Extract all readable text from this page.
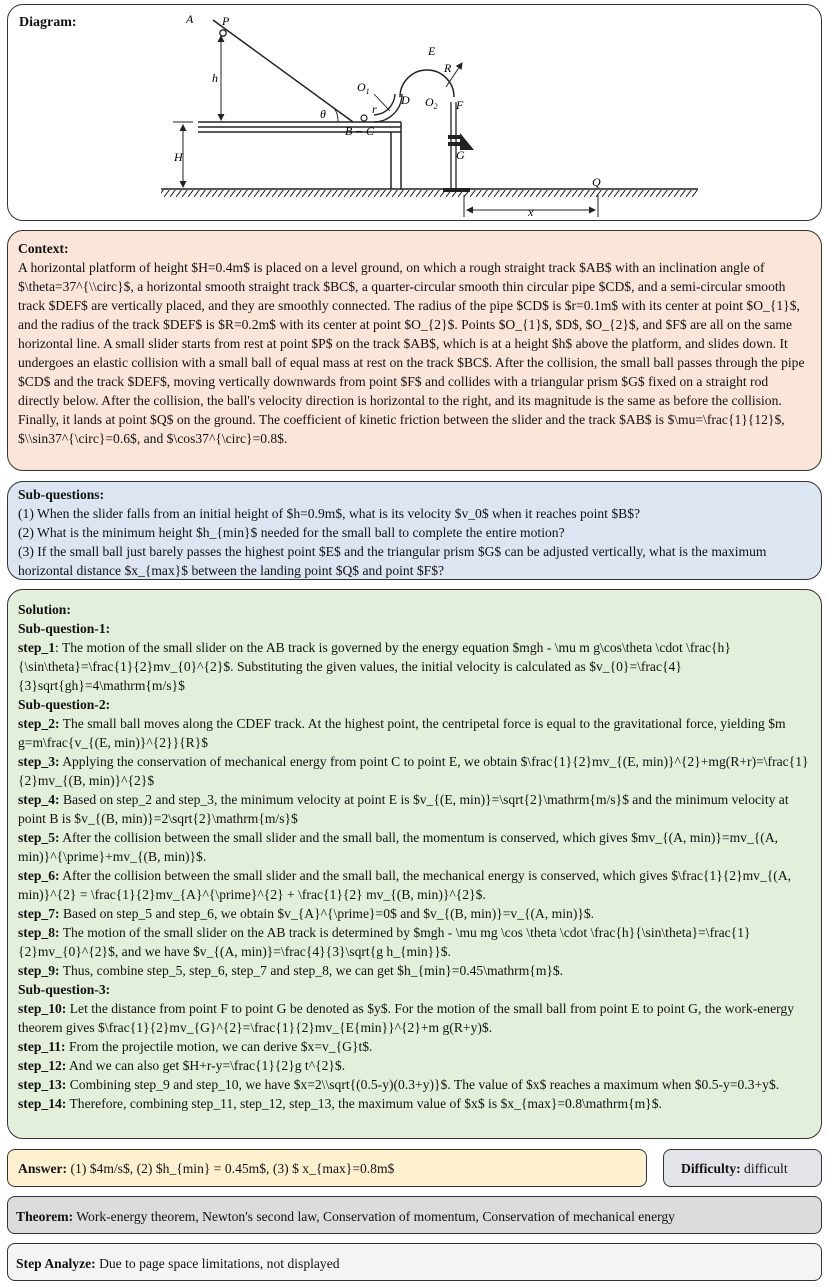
Diagram:	A P
h
H
θ
B – C
$O_1$
r
D
E
R
$O_2$ F
G
Q
x

Context:

A horizontal platform of height $H=0.4m$ is placed on a level ground, on which a rough straight track $AB$ with an inclination angle of $\theta=37^{\\circ}$, a horizontal smooth straight track $BC$, a quarter-circular smooth thin circular pipe $CD$, and a semi-circular smooth track $DEF$ are vertically placed, and they are smoothly connected. The radius of the pipe $CD$ is $r=0.1m$ with its center at point $O_{1}$, and the radius of the track $DEF$ is $R=0.2m$ with its center at point $O_{2}$. Points $O_{1}$, $D$, $O_{2}$, and $F$ are all on the same horizontal line. A small slider starts from rest at point $P$ on the track $AB$, which is at a height $h$ above the platform, and slides down. It undergoes an elastic collision with a small ball of equal mass at rest on the track $BC$. After the collision, the small ball passes through the pipe $CD$ and the track $DEF$, moving vertically downwards from point $F$ and collides with a triangular prism $G$ fixed on a straight rod directly below. After the collision, the ball's velocity direction is horizontal to the right, and its magnitude is the same as before the collision. Finally, it lands at point $Q$ on the ground. The coefficient of kinetic friction between the slider and the track $AB$ is $\mu=\frac{1}{12}$, $\\sin37^{\circ}=0.6$, and $\cos37^{\circ}=0.8$.

Sub-questions:

(1) When the slider falls from an initial height of $h=0.9m$, what is its velocity $v_0$ when it reaches point $B$?

(2) What is the minimum height $h_{min}$ needed for the small ball to complete the entire motion?

(3) If the small ball just barely passes the highest point $E$ and the triangular prism $G$ can be adjusted vertically, what is the maximum horizontal distance $x_{max}$ between the landing point $Q$ and point $F$?

Solution:

Sub-question-1:

step_1: The motion of the small slider on the AB track is governed by the energy equation $mgh - \mu m g\cos\theta \cdot \frac{h}{\sin\theta}=\frac{1}{2}mv_{0}^{2}$. Substituting the given values, the initial velocity is calculated as $v_{0}=\frac{4}{3}sqrt{gh}=4\mathrm{m/s}$

Sub-question-2:

step_2: The small ball moves along the CDEF track. At the highest point, the centripetal force is equal to the gravitational force, yielding $m g=m\frac{v_{(E, min)}^{2}}{R}$

step_3: Applying the conservation of mechanical energy from point C to point E, we obtain $\frac{1}{2}mv_{(E, min)}^{2}+mg(R+r)=\frac{1}{2}mv_{(B, min)}^{2}$

step_4: Based on step_2 and step_3, the minimum velocity at point E is $v_{(E, min)}=\sqrt{2}\mathrm{m/s}$ and the minimum velocity at point B is $v_{(B, min)}=2\sqrt{2}\mathrm{m/s}$

step_5: After the collision between the small slider and the small ball, the momentum is conserved, which gives $mv_{(A, min)}=mv_{(A, min)}^{\prime}+mv_{(B, min)}$.

step_6: After the collision between the small slider and the small ball, the mechanical energy is conserved, which gives $\frac{1}{2}mv_{(A, min)}^{2} = \frac{1}{2}mv_{A}^{\prime}^{2} + \frac{1}{2} mv_{(B, min)}^{2}$.

step_7: Based on step_5 and step_6, we obtain $v_{A}^{\prime}=0$ and $v_{(B, min)}=v_{(A, min)}$.

step_8: The motion of the small slider on the AB track is determined by $mgh - \mu mg \cos \theta \cdot \frac{h}{\sin\theta}=\frac{1}{2}mv_{0}^{2}$, and we have $v_{(A, min)}=\frac{4}{3}\sqrt{g h_{min}}$.

step_9: Thus, combine step_5, step_6, step_7 and step_8, we can get $h_{min}=0.45\mathrm{m}$.

Sub-question-3:

step_10: Let the distance from point F to point G be denoted as $y$. For the motion of the small ball from point E to point G, the work-energy theorem gives $\frac{1}{2}mv_{G}^{2}=\frac{1}{2}mv_{E{min}}^{2}+m g(R+y)$.

step_11: From the projectile motion, we can derive $x=v_{G}t$.

step_12: And we can also get $H+r-y=\frac{1}{2}g t^{2}$.

step_13: Combining step_9 and step_10, we have $x=2\\sqrt{(0.5-y)(0.3+y)}$. The value of $x$ reaches a maximum when $0.5-y=0.3+y$.

step_14: Therefore, combining step_11, step_12, step_13, the maximum value of $x$ is $x_{max}=0.8\mathrm{m}$.

Answer: (1) $4m/s$, (2) $h_{min} = 0.45m$, (3) $ x_{max}=0.8m$	Difficulty: difficult
Theorem: Work-energy theorem, Newton's second law, Conservation of momentum, Conservation of mechanical energy
Step Analyze: Due to page space limitations, not displayed
